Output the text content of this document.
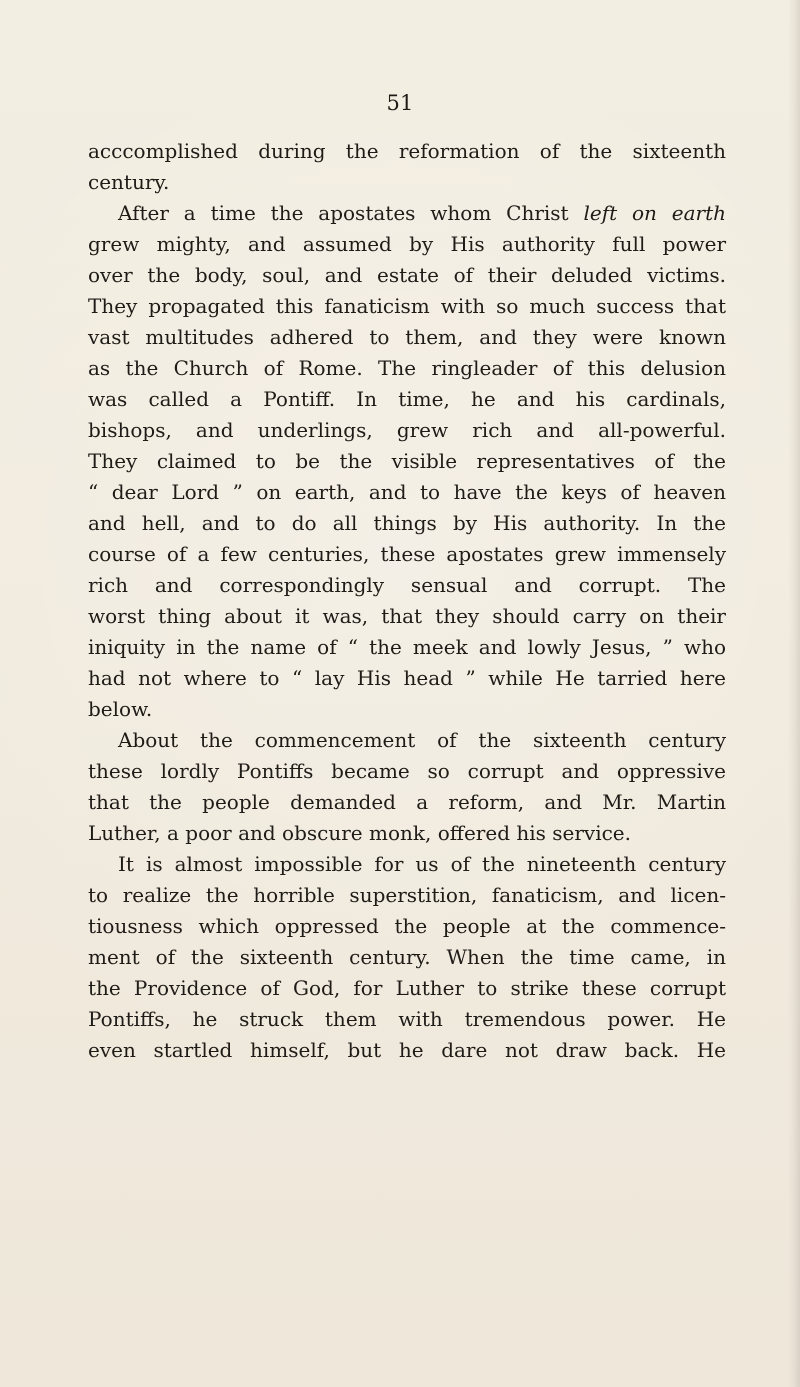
51
acccomplished during the reformation of the sixteenth
century.
After a time the apostates whom Christ left on earth
grew mighty, and assumed by His authority full power
over the body, soul, and estate of their deluded victims.
They propagated this fanaticism with so much success that
vast multitudes adhered to them, and they were known
as the Church of Rome. The ringleader of this delusion
was called a Pontiff. In time, he and his cardinals,
bishops, and underlings, grew rich and all-powerful.
They claimed to be the visible representatives of the
“ dear Lord ” on earth, and to have the keys of heaven
and hell, and to do all things by His authority. In the
course of a few centuries, these apostates grew immensely
rich and correspondingly sensual and corrupt. The
worst thing about it was, that they should carry on their
iniquity in the name of “ the meek and lowly Jesus, ” who
had not where to “ lay His head ” while He tarried here
below.
About the commencement of the sixteenth century
these lordly Pontiffs became so corrupt and oppressive
that the people demanded a reform, and Mr. Martin
Luther, a poor and obscure monk, offered his service.
It is almost impossible for us of the nineteenth century
to realize the horrible superstition, fanaticism, and licen-
tiousness which oppressed the people at the commence-
ment of the sixteenth century. When the time came, in
the Providence of God, for Luther to strike these corrupt
Pontiffs, he struck them with tremendous power. He
even startled himself, but he dare not draw back. He
